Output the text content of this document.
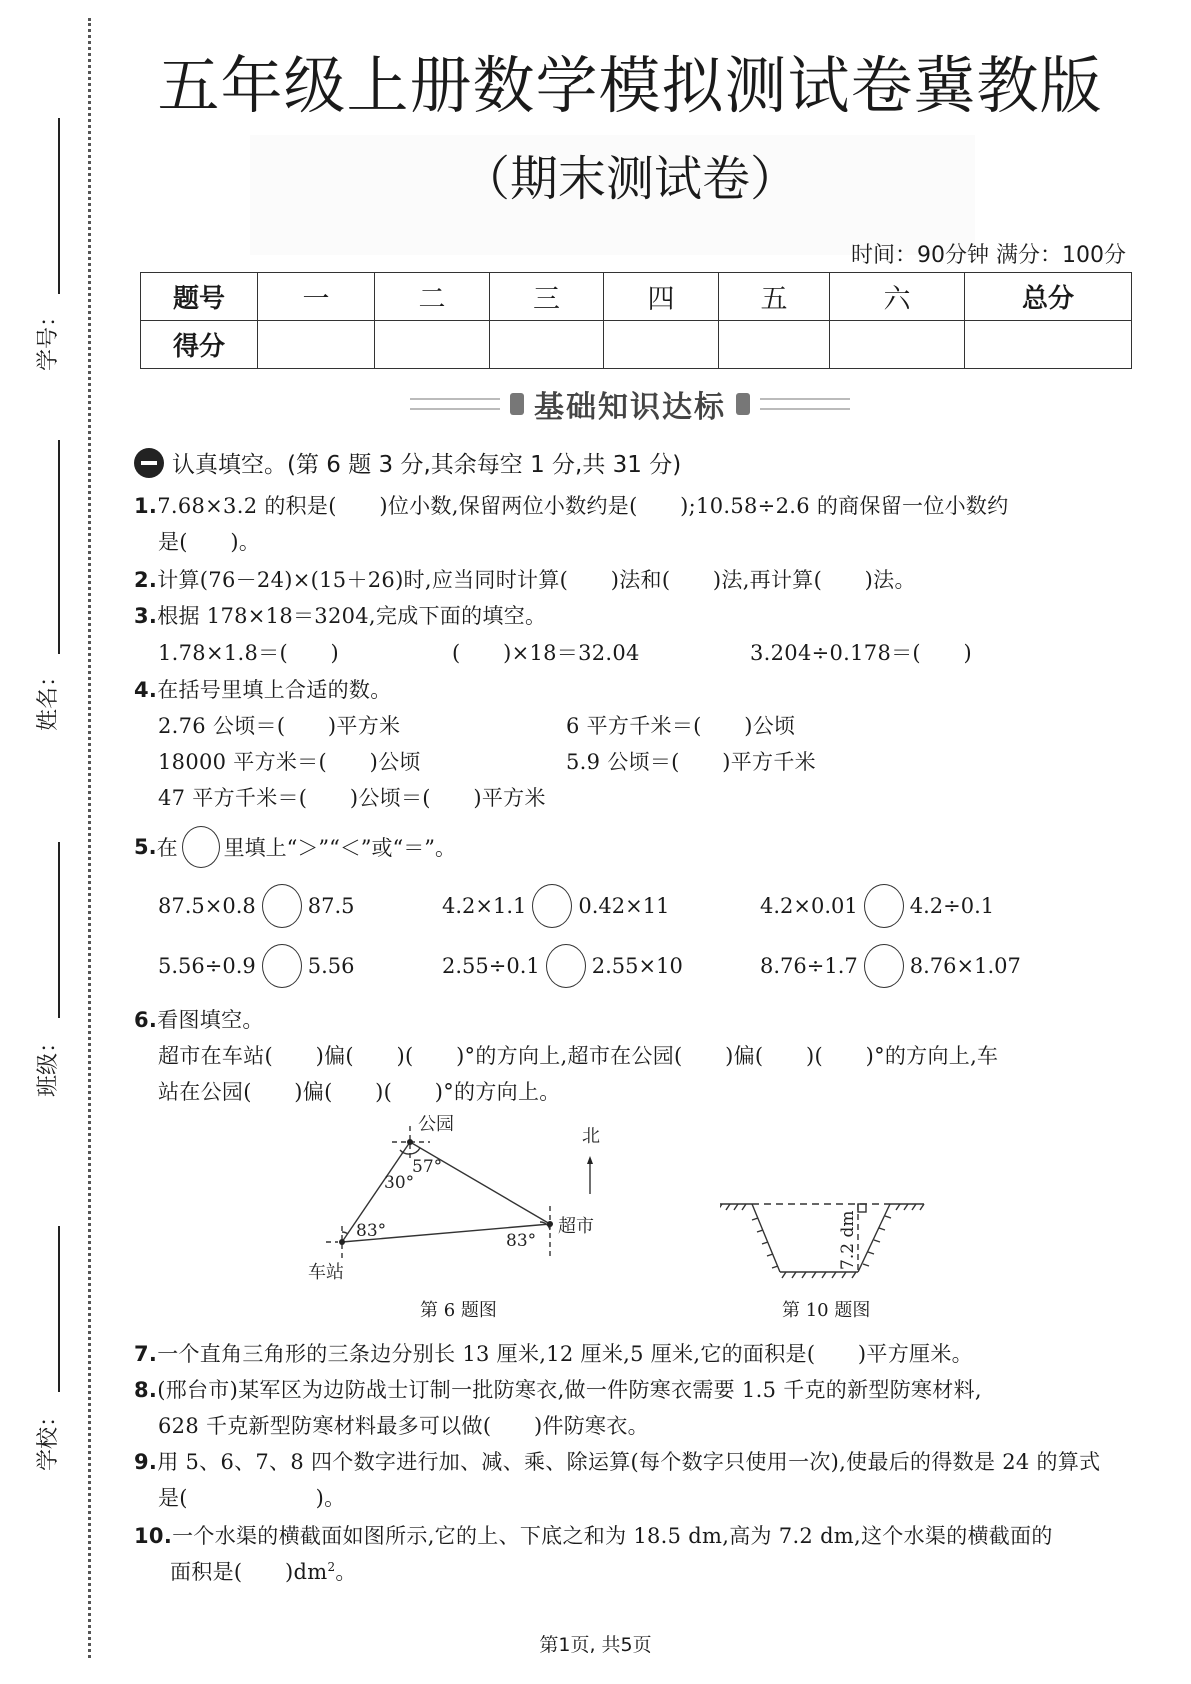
学号：
姓名：
班级：
学校：
五年级上册数学模拟测试卷冀教版
（期末测试卷）
时间：90分钟 满分：100分
题号	一	二	三	四	五	六	总分
得分							
基础知识达标
认真填空。(第 6 题 3 分,其余每空 1 分,共 31 分)
1.7.68×3.2 的积是(　　)位小数,保留两位小数约是(　　);10.58÷2.6 的商保留一位小数约
是(　　)。
2.计算(76－24)×(15＋26)时,应当同时计算(　　)法和(　　)法,再计算(　　)法。
3.根据 178×18＝3204,完成下面的填空。
1.78×1.8＝(　　)	(　　)×18＝32.04	3.204÷0.178＝(　　)
4.在括号里填上合适的数。
2.76 公顷＝(　　)平方米	6 平方千米＝(　　)公顷
18000 平方米＝(　　)公顷	5.9 公顷＝(　　)平方千米
47 平方千米＝(　　)公顷＝(　　)平方米
5. 在 里填上“＞”“＜”或“＝”。
87.5×0.8 87.5	4.2×1.1 0.42×11	4.2×0.01 4.2÷0.1
5.56÷0.9 5.56	2.55÷0.1 2.55×10	8.76÷1.7 8.76×1.07
6.看图填空。
超市在车站(　　)偏(　　)(　　)°的方向上,超市在公园(　　)偏(　　)(　　)°的方向上,车
站在公园(　　)偏(　　)(　　)°的方向上。
公园
车站
超市
北
30°
57°
83°	83°
第 6 题图
7.2 dm
第 10 题图
7.一个直角三角形的三条边分别长 13 厘米,12 厘米,5 厘米,它的面积是(　　)平方厘米。
8.(邢台市)某军区为边防战士订制一批防寒衣,做一件防寒衣需要 1.5 千克的新型防寒材料,
628 千克新型防寒材料最多可以做(　　)件防寒衣。
9.用 5、6、7、8 四个数字进行加、减、乘、除运算(每个数字只使用一次),使最后的得数是 24 的算式
是(　　　　　　)。
10.一个水渠的横截面如图所示,它的上、下底之和为 18.5 dm,高为 7.2 dm,这个水渠的横截面的
面积是(　　)$dm^2$。
第1页, 共5页
